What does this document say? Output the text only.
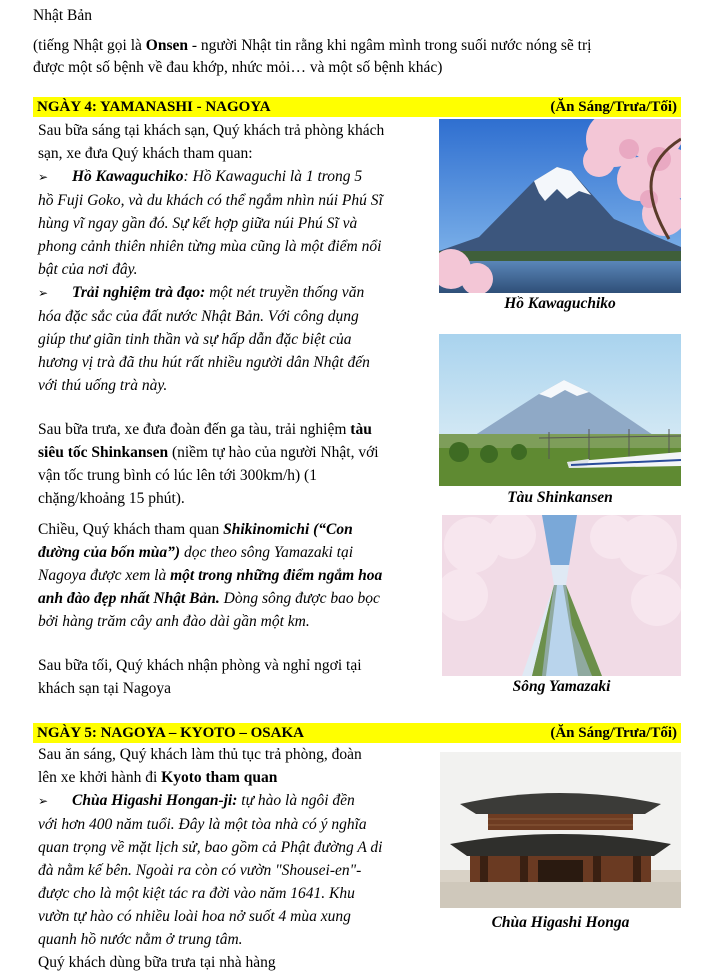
Nhật Bản
(tiếng Nhật gọi là Onsen - người Nhật tin rằng khi ngâm mình trong suối nước nóng sẽ trị
được một số bệnh về đau khớp, nhức mỏi… và một số bệnh khác)
NGÀY 4: YAMANASHI - NAGOYA	(Ăn Sáng/Trưa/Tối)

Sau bữa sáng tại khách sạn, Quý khách trả phòng khách

sạn, xe đưa Quý khách tham quan:

➢ Hồ Kawaguchiko: Hồ Kawaguchi là 1 trong 5

hồ Fuji Goko, và du khách có thể ngắm nhìn núi Phú Sĩ

hùng vĩ ngay gần đó. Sự kết hợp giữa núi Phú Sĩ và

phong cảnh thiên nhiên từng mùa cũng là một điểm nổi

bật của nơi đây.

➢ Trải nghiệm trà đạo: một nét truyền thống văn

hóa đặc sắc của đất nước Nhật Bản. Với công dụng

giúp thư giãn tinh thần và sự hấp dẫn đặc biệt của

hương vị trà đã thu hút rất nhiều người dân Nhật đến

với thú uống trà này.

Sau bữa trưa, xe đưa đoàn đến ga tàu, trải nghiệm tàu

siêu tốc Shinkansen (niềm tự hào của người Nhật, với

vận tốc trung bình có lúc lên tới 300km/h) (1

chặng/khoảng 15 phút).

Chiều, Quý khách tham quan Shikinomichi (“Con

đường của bốn mùa”) dọc theo sông Yamazaki tại

Nagoya được xem là một trong những điểm ngắm hoa

anh đào đẹp nhất Nhật Bản. Dòng sông được bao bọc

bởi hàng trăm cây anh đào dài gần một km.

Sau bữa tối, Quý khách nhận phòng và nghỉ ngơi tại

khách sạn tại Nagoya

Hồ Kawaguchiko
Tàu Shinkansen
Sông Yamazaki
NGÀY 5: NAGOYA – KYOTO – OSAKA	(Ăn Sáng/Trưa/Tối)

Sau ăn sáng, Quý khách làm thủ tục trả phòng, đoàn

lên xe khởi hành đi Kyoto tham quan

➢ Chùa Higashi Hongan-ji: tự hào là ngôi đền

với hơn 400 năm tuổi. Đây là một tòa nhà có ý nghĩa

quan trọng về mặt lịch sử, bao gồm cả Phật đường A di

đà nằm kế bên. Ngoài ra còn có vườn "Shousei-en"-

được cho là một kiệt tác ra đời vào năm 1641. Khu

vườn tự hào có nhiều loài hoa nở suốt 4 mùa xung

quanh hồ nước nằm ở trung tâm.

Quý khách dùng bữa trưa tại nhà hàng

Chùa Higashi Honga
